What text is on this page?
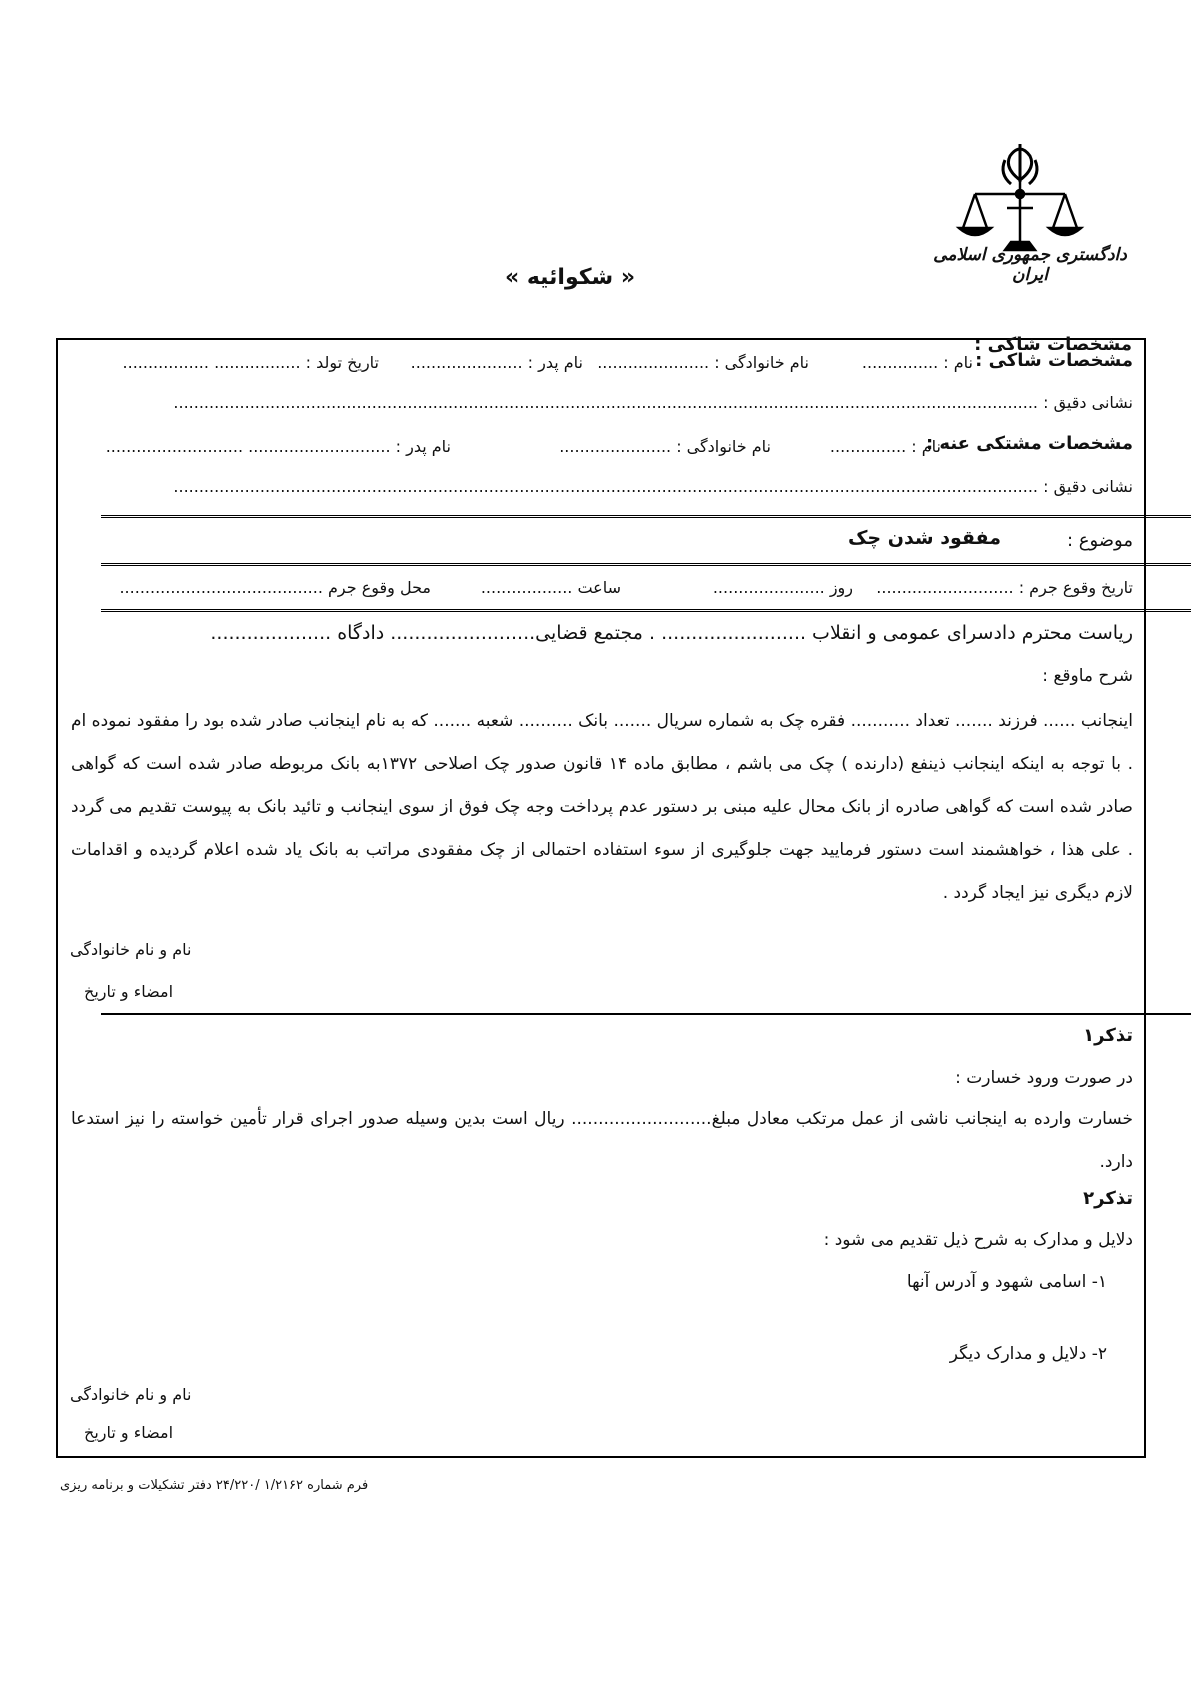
دادگستری جمهوری اسلامی ایران
« شکوائیه »
مشخصات شاکی :
مشخصات شاکی :
نام : ...............
نام خانوادگی : ......................
نام پدر : ......................
تاریخ تولد : ................. .................
نشانی دقیق : ..........................................................................................................................................................................
مشخصات مشتکی عنه :
نام : ...............
نام خانوادگی : ......................
نام پدر : ............................ ...........................
نشانی دقیق : ..........................................................................................................................................................................
موضوع :
مفقود شدن چک
تاریخ وقوع جرم : ...........................
روز ......................
ساعت ..................
محل وقوع جرم ........................................
ریاست محترم دادسرای عمومی و انقلاب ........................ . مجتمع قضایی........................ دادگاه ....................
شرح ماوقع :
اینجانب ...... فرزند ....... تعداد ........... فقره چک به شماره سریال ....... بانک .......... شعبه ....... که به نام اینجانب صادر شده بود را مفقود نموده ام . با توجه به اینکه اینجانب ذینفع (دارنده ) چک می باشم ، مطابق ماده ۱۴ قانون صدور چک اصلاحی ۱۳۷۲به بانک مربوطه صادر شده است که گواهی صادر شده است که گواهی صادره از بانک محال علیه مبنی بر دستور عدم پرداخت وجه چک فوق از سوی اینجانب و تائید بانک به پیوست تقدیم می گردد . علی هذا ، خواهشمند است دستور فرمایید جهت جلوگیری از سوء استفاده احتمالی از چک مفقودی مراتب به بانک یاد شده اعلام گردیده و اقدامات لازم دیگری نیز ایجاد گردد .
نام و نام خانوادگی
امضاء و تاریخ
تذکر۱
در صورت ورود خسارت :
خسارت وارده به اینجانب ناشی از عمل مرتکب معادل مبلغ.......................... ریال است بدین وسیله صدور اجرای قرار تأمین خواسته را نیز استدعا دارد.
تذکر۲
دلایل و مدارک به شرح ذیل تقدیم می شود :
۱- اسامی شهود و آدرس آنها
۲- دلایل و مدارک دیگر
نام و نام خانوادگی
امضاء و تاریخ
فرم شماره ۱/۲۱۶۲ /۲۴/۲۲۰ دفتر تشکیلات و برنامه ریزی
